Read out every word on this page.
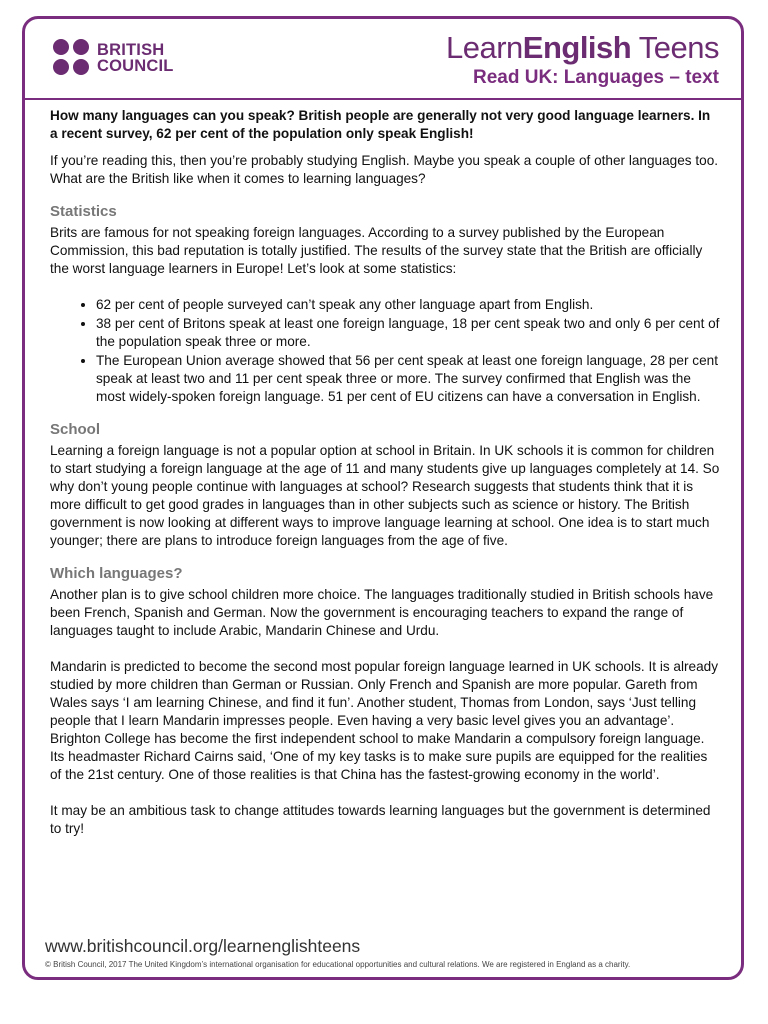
BRITISH
COUNCIL
LearnEnglish Teens
Read UK: Languages – text

How many languages can you speak? British people are generally not very good language learners. In a recent survey, 62 per cent of the population only speak English!

If you’re reading this, then you’re probably studying English. Maybe you speak a couple of other languages too. What are the British like when it comes to learning languages?

Statistics

Brits are famous for not speaking foreign languages. According to a survey published by the European Commission, this bad reputation is totally justified. The results of the survey state that the British are officially the worst language learners in Europe! Let’s look at some statistics:

• 62 per cent of people surveyed can’t speak any other language apart from English.
• 38 per cent of Britons speak at least one foreign language, 18 per cent speak two and only 6 per cent of the population speak three or more.
• The European Union average showed that 56 per cent speak at least one foreign language, 28 per cent speak at least two and 11 per cent speak three or more. The survey confirmed that English was the most widely-spoken foreign language. 51 per cent of EU citizens can have a conversation in English.
School

Learning a foreign language is not a popular option at school in Britain. In UK schools it is common for children to start studying a foreign language at the age of 11 and many students give up languages completely at 14. So why don’t young people continue with languages at school? Research suggests that students think that it is more difficult to get good grades in languages than in other subjects such as science or history. The British government is now looking at different ways to improve language learning at school. One idea is to start much younger; there are plans to introduce foreign languages from the age of five.

Which languages?

Another plan is to give school children more choice. The languages traditionally studied in British schools have been French, Spanish and German. Now the government is encouraging teachers to expand the range of languages taught to include Arabic, Mandarin Chinese and Urdu.

Mandarin is predicted to become the second most popular foreign language learned in UK schools. It is already studied by more children than German or Russian. Only French and Spanish are more popular. Gareth from Wales says ‘I am learning Chinese, and find it fun’. Another student, Thomas from London, says ‘Just telling people that I learn Mandarin impresses people. Even having a very basic level gives you an advantage’. Brighton College has become the first independent school to make Mandarin a compulsory foreign language. Its headmaster Richard Cairns said, ‘One of my key tasks is to make sure pupils are equipped for the realities of the 21st century. One of those realities is that China has the fastest-growing economy in the world’.

It may be an ambitious task to change attitudes towards learning languages but the government is determined to try!

www.britishcouncil.org/learnenglishteens
© British Council, 2017 The United Kingdom’s international organisation for educational opportunities and cultural relations. We are registered in England as a charity.
